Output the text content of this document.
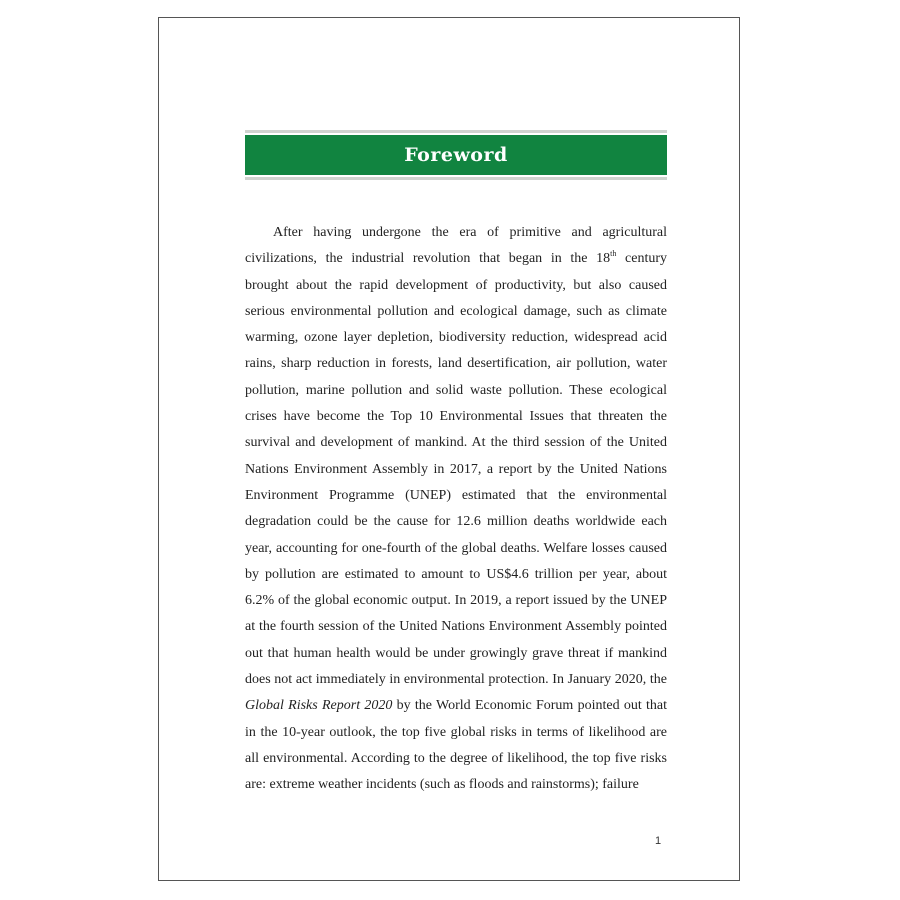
Foreword

After having undergone the era of primitive and agricultural civilizations, the industrial revolution that began in the 18th century brought about the rapid development of productivity, but also caused serious environmental pollution and ecological damage, such as climate warming, ozone layer depletion, biodiversity reduction, widespread acid rains, sharp reduction in forests, land desertification, air pollution, water pollution, marine pollution and solid waste pollution. These ecological crises have become the Top 10 Environmental Issues that threaten the survival and development of mankind. At the third session of the United Nations Environment Assembly in 2017, a report by the United Nations Environment Programme (UNEP) estimated that the environmental degradation could be the cause for 12.6 million deaths worldwide each year, accounting for one-fourth of the global deaths. Welfare losses caused by pollution are estimated to amount to US$4.6 trillion per year, about 6.2% of the global economic output. In 2019, a report issued by the UNEP at the fourth session of the United Nations Environment Assembly pointed out that human health would be under growingly grave threat if mankind does not act immediately in environmental protection. In January 2020, the Global Risks Report 2020 by the World Economic Forum pointed out that in the 10-year outlook, the top five global risks in terms of likelihood are all environmental. According to the degree of likelihood, the top five risks are: extreme weather incidents (such as floods and rainstorms); failure

1
